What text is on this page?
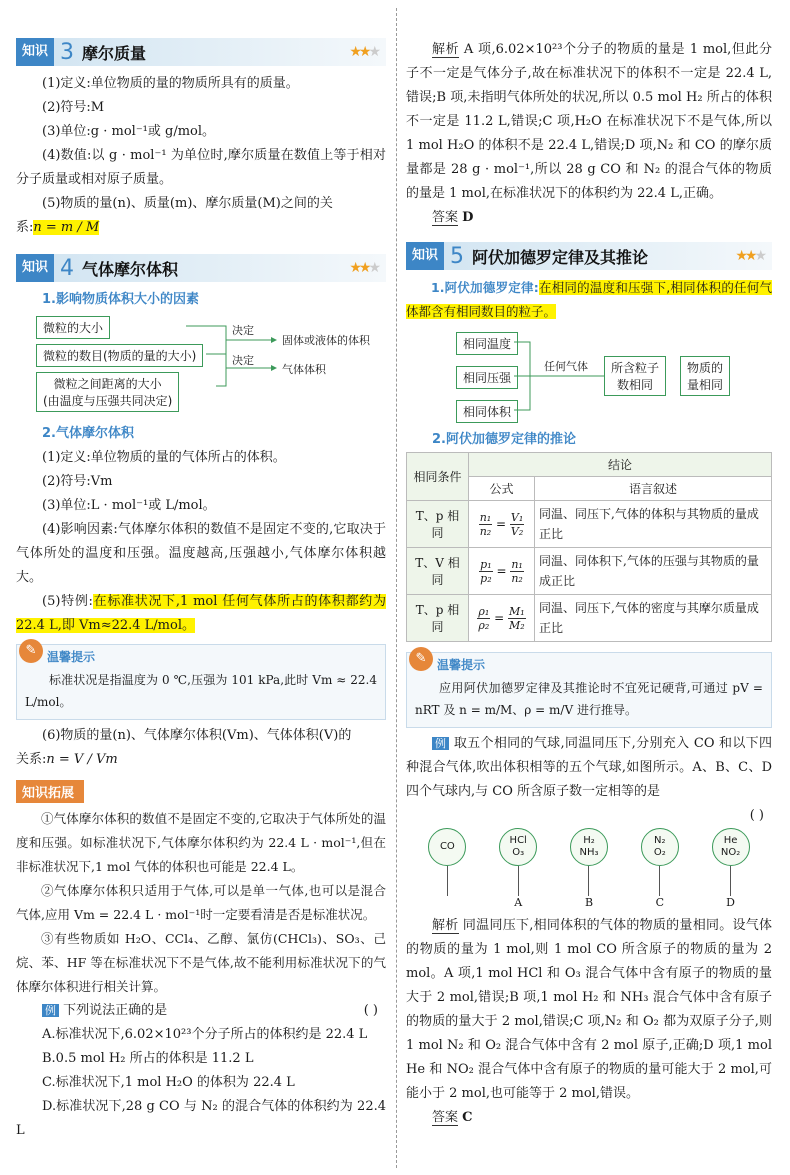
知识 3 摩尔质量	★★★

(1)定义:单位物质的量的物质所具有的质量。

(2)符号:M

(3)单位:g · mol⁻¹或 g/mol。

(4)数值:以 g · mol⁻¹ 为单位时,摩尔质量在数值上等于相对分子质量或相对原子质量。

(5)物质的量(n)、质量(m)、摩尔质量(M)之间的关

系:n = m / M

知识 4 气体摩尔体积	★★★
1.影响物质体积大小的因素
微粒的大小
微粒的数目(物质的量的大小)
微粒之间距离的大小
(由温度与压强共同决定)
决定
固体或液体的体积
决定
气体体积
2.气体摩尔体积

(1)定义:单位物质的量的气体所占的体积。

(2)符号:Vm

(3)单位:L · mol⁻¹或 L/mol。

(4)影响因素:气体摩尔体积的数值不是固定不变的,它取决于气体所处的温度和压强。温度越高,压强越小,气体摩尔体积越大。

(5)特例:在标准状况下,1 mol 任何气体所占的体积都约为 22.4 L,即 Vm≈22.4 L/mol。

✎ 温馨提示

标准状况是指温度为 0 ℃,压强为 101 kPa,此时 Vm ≈ 22.4 L/mol。

(6)物质的量(n)、气体摩尔体积(Vm)、气体体积(V)的

关系:n = V / Vm

知识拓展

①气体摩尔体积的数值不是固定不变的,它取决于气体所处的温度和压强。如标准状况下,气体摩尔体积约为 22.4 L · mol⁻¹,但在非标准状况下,1 mol 气体的体积也可能是 22.4 L。

②气体摩尔体积只适用于气体,可以是单一气体,也可以是混合气体,应用 Vm = 22.4 L · mol⁻¹时一定要看清是否是标准状况。

③有些物质如 H₂O、CCl₄、乙醇、氯仿(CHCl₃)、SO₃、己烷、苯、HF 等在标准状况下不是气体,故不能利用标准状况下的气体摩尔体积进行相关计算。

例 下列说法正确的是	( )

A.标准状况下,6.02×10²³个分子所占的体积约是 22.4 L

B.0.5 mol H₂ 所占的体积是 11.2 L

C.标准状况下,1 mol H₂O 的体积为 22.4 L

D.标准状况下,28 g CO 与 N₂ 的混合气体的体积约为 22.4 L

解析 A 项,6.02×10²³个分子的物质的量是 1 mol,但此分子不一定是气体分子,故在标准状况下的体积不一定是 22.4 L,错误;B 项,未指明气体所处的状况,所以 0.5 mol H₂ 所占的体积不一定是 11.2 L,错误;C 项,H₂O 在标准状况下不是气体,所以 1 mol H₂O 的体积不是 22.4 L,错误;D 项,N₂ 和 CO 的摩尔质量都是 28 g · mol⁻¹,所以 28 g CO 和 N₂ 的混合气体的物质的量是 1 mol,在标准状况下的体积约为 22.4 L,正确。

答案 D

知识 5 阿伏加德罗定律及其推论	★★★

1.阿伏加德罗定律:在相同的温度和压强下,相同体积的任何气体都含有相同数目的粒子。

相同温度
相同压强
相同体积
任何气体 所含粒子
数相同
物质的
量相同
2.阿伏加德罗定律的推论
相同条件	结论	
	公式	语言叙述
T、p 相同	$\frac{\text{n₁}}{\text{n₂}} = \frac{\text{V₁}}{\text{V₂}}$	同温、同压下,气体的体积与其物质的量成正比
T、V 相同	$\frac{\text{p₁}}{\text{p₂}} = \frac{\text{n₁}}{\text{n₂}}$	同温、同体积下,气体的压强与其物质的量成正比
T、p 相同	$\frac{\text{ρ₁}}{\text{ρ₂}} = \frac{\text{M₁}}{\text{M₂}}$	同温、同压下,气体的密度与其摩尔质量成正比
✎ 温馨提示

应用阿伏加德罗定律及其推论时不宜死记硬背,可通过 pV = nRT 及 n = m/M、ρ = m/V 进行推导。

例 取五个相同的气球,同温同压下,分别充入 CO 和以下四种混合气体,吹出体积相等的五个气球,如图所示。A、B、C、D 四个气球内,与 CO 所含原子数一定相等的是

( )

CO
HCl
O₃
A
H₂
NH₃
B
N₂
O₂
C
He
NO₂
D

解析 同温同压下,相同体积的气体的物质的量相同。设气体的物质的量为 1 mol,则 1 mol CO 所含原子的物质的量为 2 mol。A 项,1 mol HCl 和 O₃ 混合气体中含有原子的物质的量大于 2 mol,错误;B 项,1 mol H₂ 和 NH₃ 混合气体中含有原子的物质的量大于 2 mol,错误;C 项,N₂ 和 O₂ 都为双原子分子,则 1 mol N₂ 和 O₂ 混合气体中含有 2 mol 原子,正确;D 项,1 mol He 和 NO₂ 混合气体中含有原子的物质的量可能大于 2 mol,可能小于 2 mol,也可能等于 2 mol,错误。

答案 C
